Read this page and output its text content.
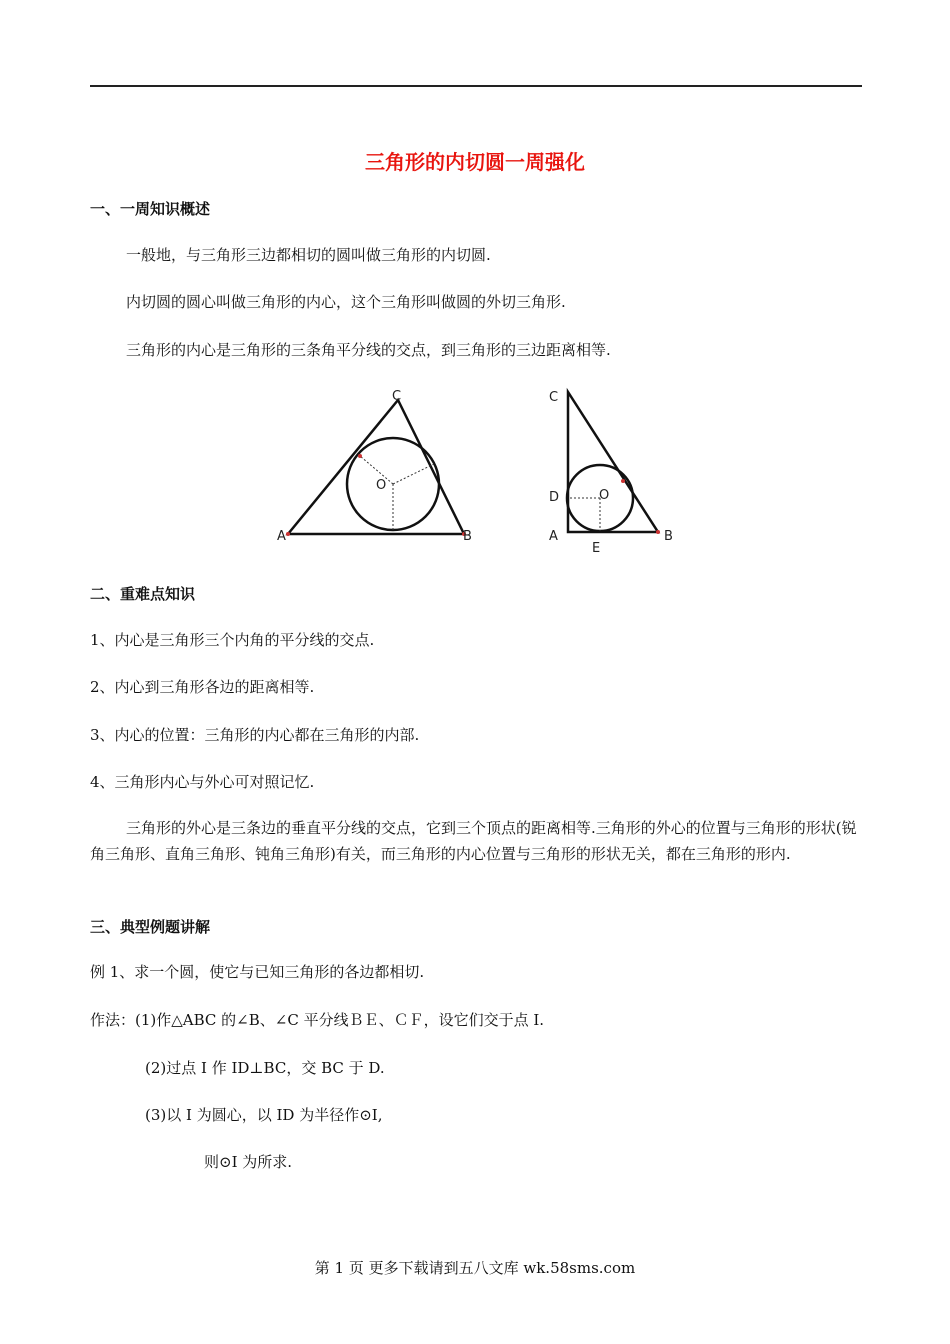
三角形的内切圆一周强化
一、一周知识概述
一般地，与三角形三边都相切的圆叫做三角形的内切圆.
内切圆的圆心叫做三角形的内心，这个三角形叫做圆的外切三角形.
三角形的内心是三角形的三条角平分线的交点，到三角形的三边距离相等.
A	B
C
O
A	B
C
D
E
O
二、重难点知识
1、内心是三角形三个内角的平分线的交点.
2、内心到三角形各边的距离相等.
3、内心的位置：三角形的内心都在三角形的内部.
4、三角形内心与外心可对照记忆.
三角形的外心是三条边的垂直平分线的交点，它到三个顶点的距离相等.三角形的外心的位置与三角形的形状(锐角三角形、直角三角形、钝角三角形)有关，而三角形的内心位置与三角形的形状无关，都在三角形的形内.
三、典型例题讲解
例 1、求一个圆，使它与已知三角形的各边都相切.
作法：(1)作△ABC 的∠B、∠C 平分线ＢＥ、ＣＦ，设它们交于点 I.
(2)过点 I 作 ID⊥BC，交 BC 于 D.
(3)以 I 为圆心，以 ID 为半径作⊙I,
则⊙I 为所求.
第 1 页 更多下载请到五八文库 wk.58sms.com
